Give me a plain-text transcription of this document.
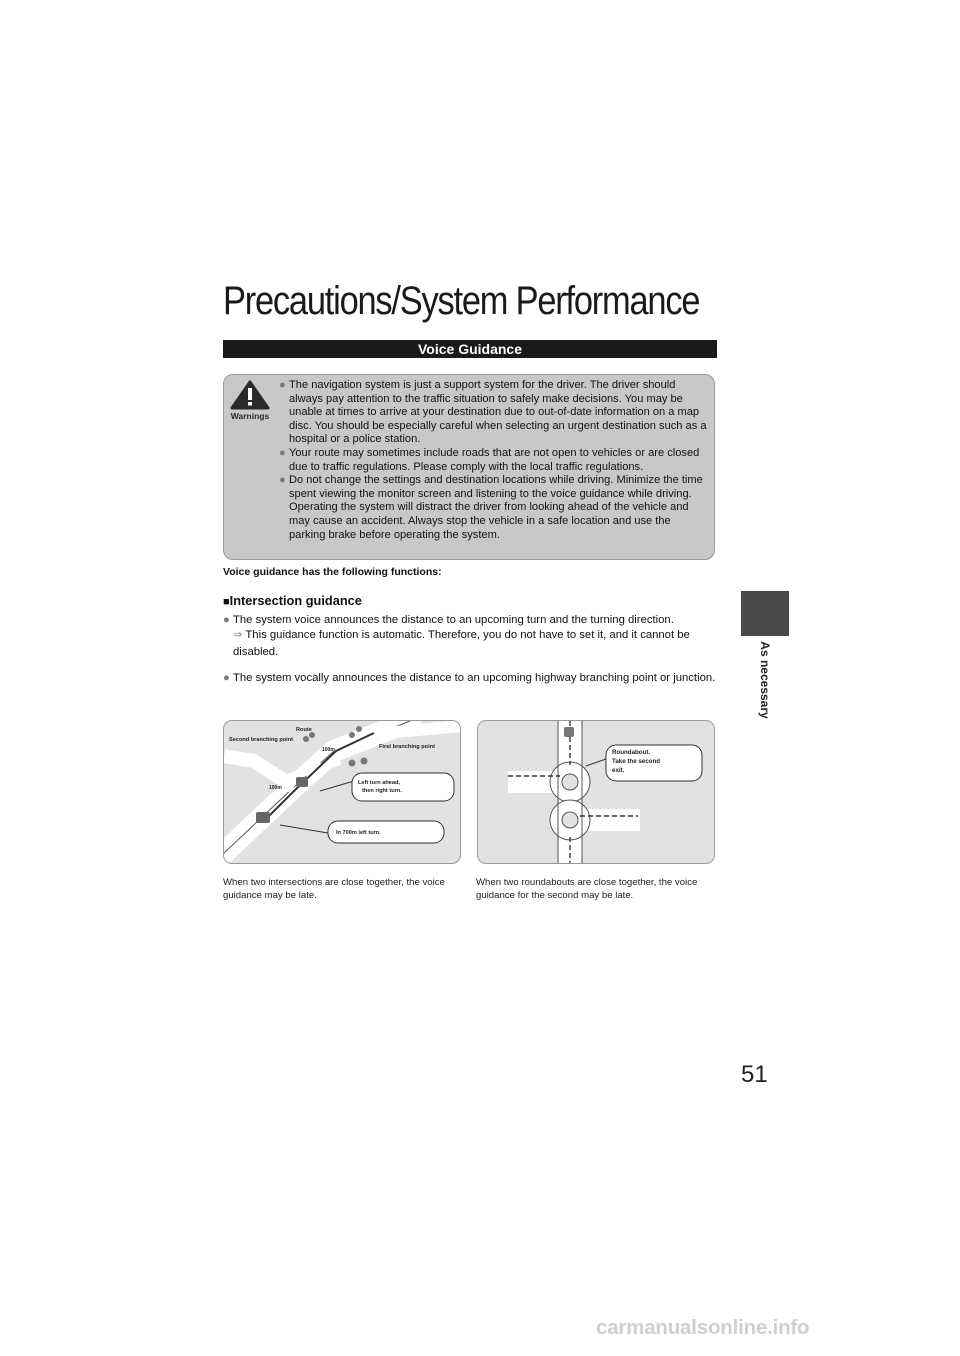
Precautions/System Performance
Voice Guidance
Warnings
● The navigation system is just a support system for the driver. The driver should always pay attention to the traffic situation to safely make decisions. You may be unable at times to arrive at your destination due to out-of-date information on a map disc. You should be especially careful when selecting an urgent destination such as a hospital or a police station.
● Your route may sometimes include roads that are not open to vehicles or are closed due to traffic regulations. Please comply with the local traffic regulations.
● Do not change the settings and destination locations while driving. Minimize the time spent viewing the monitor screen and listening to the voice guidance while driving. Operating the system will distract the driver from looking ahead of the vehicle and may cause an accident. Always stop the vehicle in a safe location and use the parking brake before operating the system.
Voice guidance has the following functions:
■Intersection guidance
● The system voice announces the distance to an upcoming turn and the turning direction.
⇒ This guidance function is automatic. Therefore, you do not have to set it, and it cannot be disabled.
● The system vocally announces the distance to an upcoming highway branching point or junction.
Second branching point
Route
100m	First branching point
100m
Left turn ahead,
then right turn.
In 700m left turn.
When two intersections are close together, the voice guidance may be late.
Roundabout.
Take the second
exit.
When two roundabouts are close together, the voice guidance for the second may be late.
As necessary
51
carmanualsonline.info
